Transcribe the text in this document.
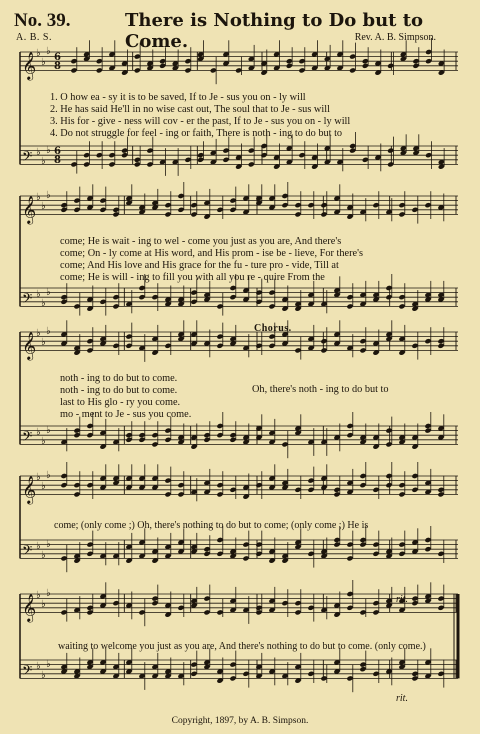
No. 39.	There is Nothing to Do but to Come.
A. B. S.	Rev. A. B. Simpson.
𝄞 ♭
♭
♭
6
8
𝄢 ♭
♭
♭ 6
8
𝄞 ♭
♭
♭
𝄢 ♭
♭
♭
𝄞 ♭
♭
♭
𝄢 ♭
♭
♭
𝄞 ♭
♭
♭
𝄢 ♭
♭
♭
𝄞 ♭
♭
♭
𝄢 ♭
♭
♭
1. O how ea - sy it is to be saved, If to Je - sus you on - ly will
2. He has said He'll in no wise cast out, The soul that to Je - sus will
3. His for - give - ness will cov - er the past, If to Je - sus you on - ly will
4. Do not struggle for feel - ing or faith, There is noth - ing to do but to
come; He is wait - ing to wel - come you just as you are, And there's
come; On - ly come at His word, and His prom - ise be - lieve, For there's
come; And His love and His grace for the fu - ture pro - vide, Till at
come; He is will - ing to fill you with all you re - quire From the
Chorus.
noth - ing to do but to come.
noth - ing to do but to come.
last to His glo - ry you come.
mo - ment to Je - sus you come.
Oh, there's noth - ing to do but to
come; (only come ;) Oh, there's nothing to do but to come; (only come ;) He is
waiting to welcome you just as you are, And there's nothing to do but to come. (only come.)
rit.
rit.
Copyright, 1897, by A. B. Simpson.
